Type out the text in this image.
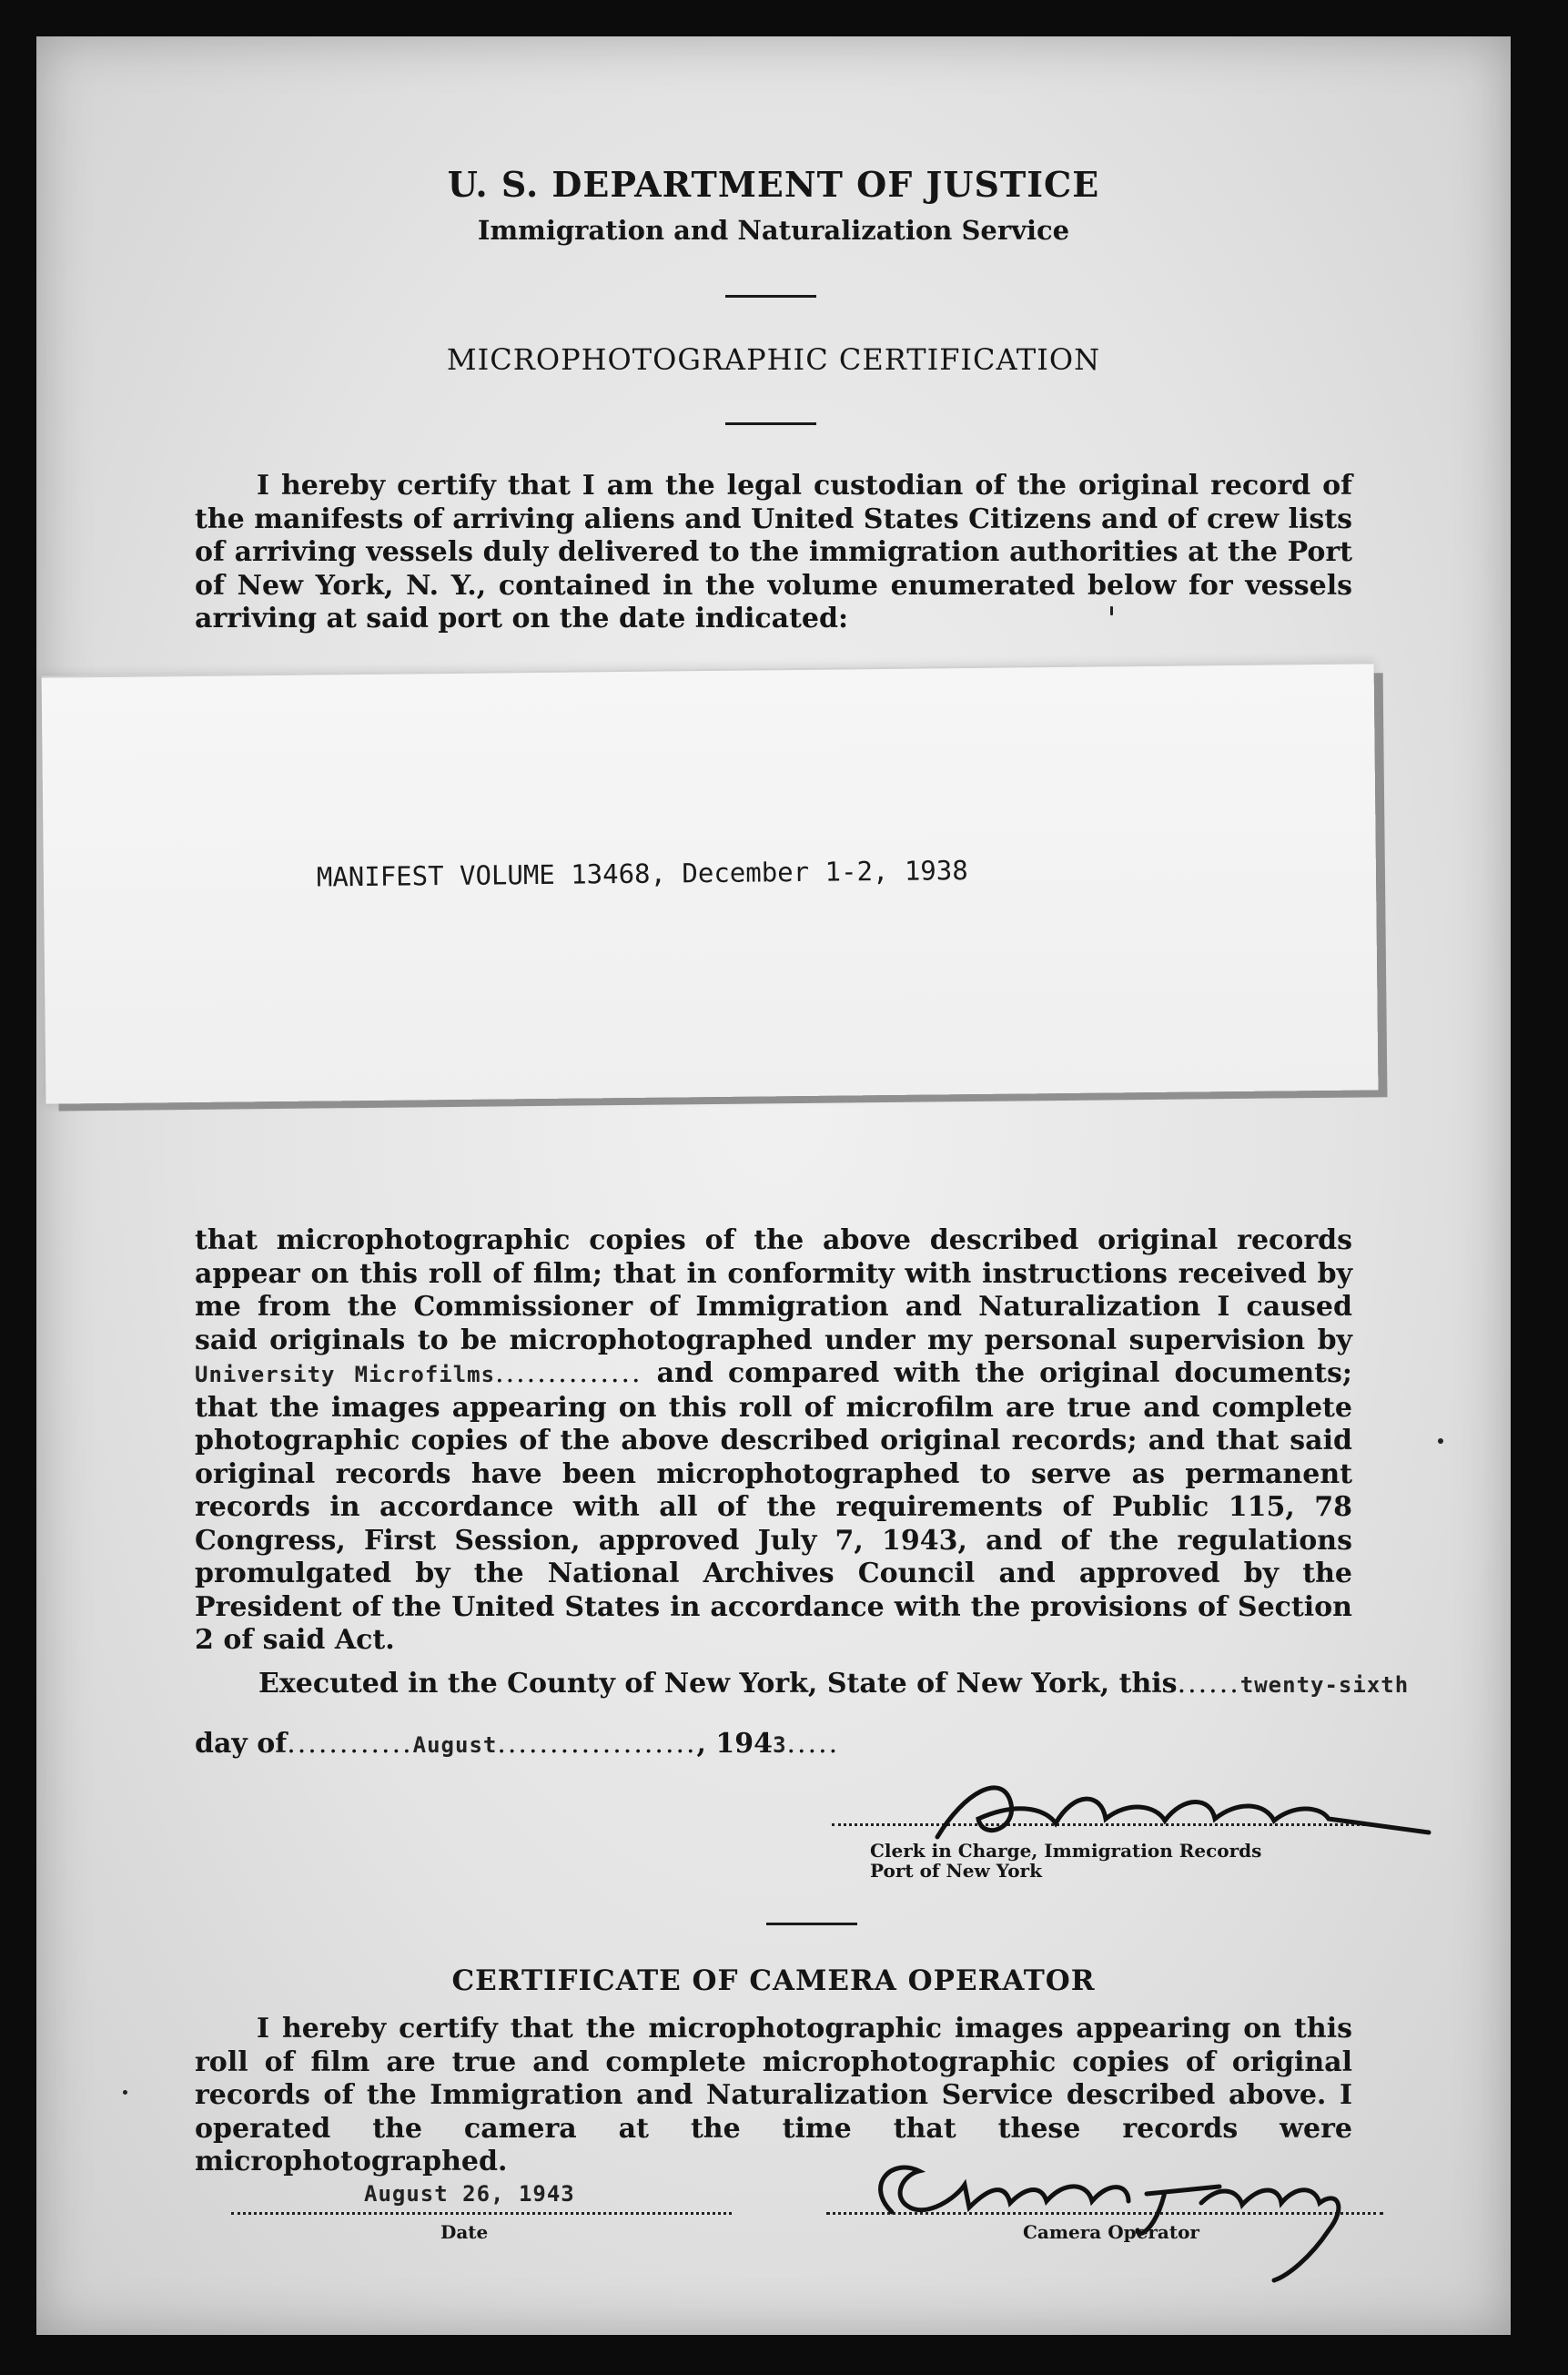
U. S. DEPARTMENT OF JUSTICE
Immigration and Naturalization Service
MICROPHOTOGRAPHIC CERTIFICATION
I hereby certify that I am the legal custodian of the original record of the manifests of arriving aliens and United States Citizens and of crew lists of arriving vessels duly delivered to the immigration authorities at the Port of New York, N. Y., contained in the volume enumerated below for vessels arriving at said port on the date indicated:
MANIFEST VOLUME 13468, December 1-2, 1938
that microphotographic copies of the above described original records appear on this roll of film; that in conformity with instructions received by me from the Commissioner of Immigration and Naturalization I caused said originals to be microphotographed under my personal supervision by University Microfilms.............. and compared with the original documents; that the images appearing on this roll of microfilm are true and complete photographic copies of the above described original records; and that said original records have been microphotographed to serve as permanent records in accordance with all of the requirements of Public 115, 78 Congress, First Session, approved July 7, 1943, and of the regulations promulgated by the National Archives Council and approved by the President of the United States in accordance with the provisions of Section 2 of said Act.
Executed in the County of New York, State of New York, this......twenty-sixth
day of............August..................., 1943.....
Clerk in Charge, Immigration Records
Port of New York
CERTIFICATE OF CAMERA OPERATOR
I hereby certify that the microphotographic images appearing on this roll of film are true and complete microphotographic copies of original records of the Immigration and Naturalization Service described above. I operated the camera at the time that these records were microphotographed.
August 26, 1943
Date	Camera Operator
